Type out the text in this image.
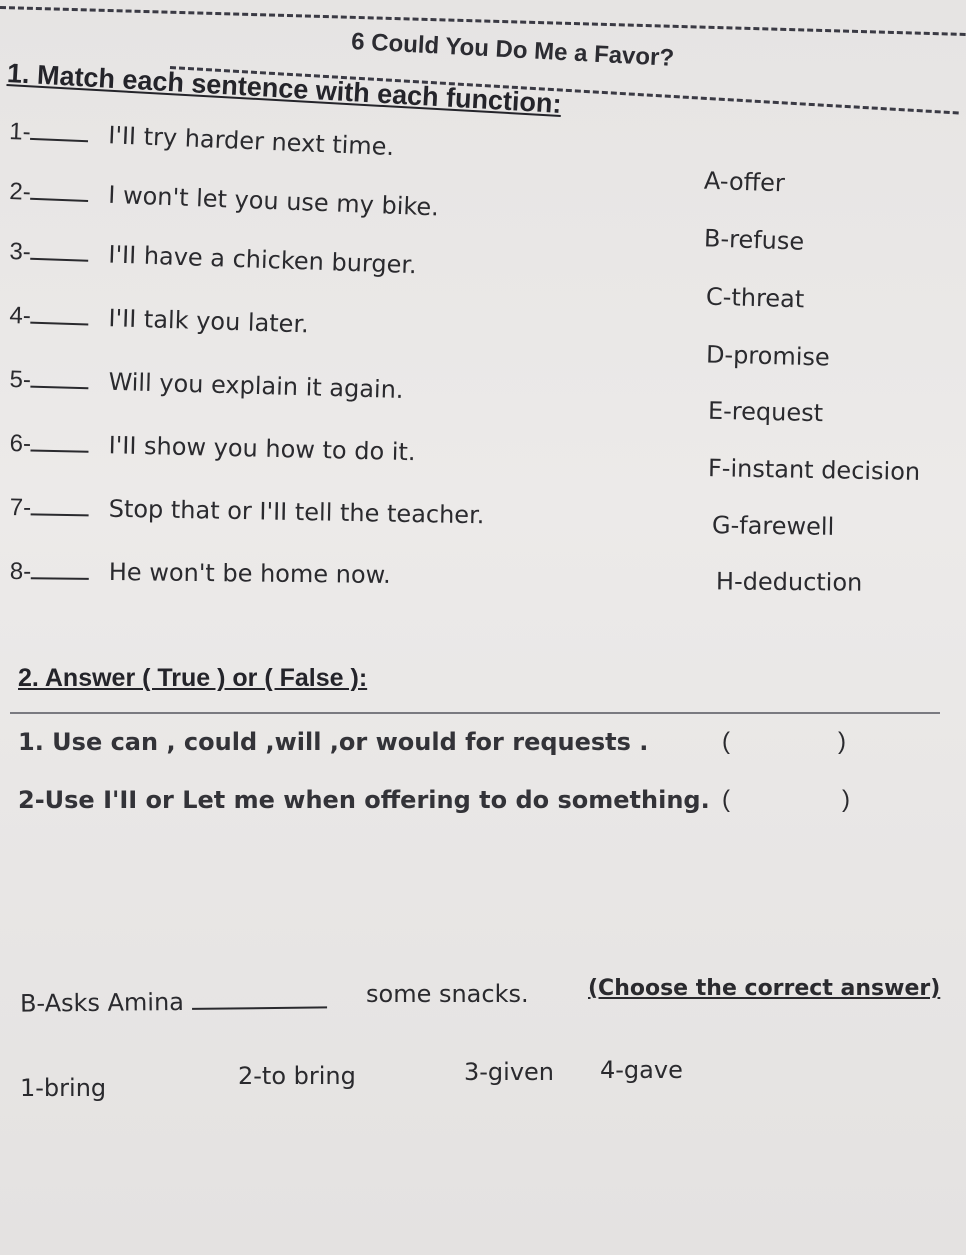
6 Could You Do Me a Favor?
1. Match each sentence with each function:
1-	I'II try harder next time.
2-	I won't let you use my bike.
3-	I'II have a chicken burger.
4-	I'II talk you later.
5-	Will you explain it again.
6-	I'II show you how to do it.
7-	Stop that or I'II tell the teacher.
8-	He won't be home now.
A-offer
B-refuse
C-threat
D-promise
E-request
F-instant decision
G-farewell
H-deduction
2. Answer ( True ) or ( False ):
1. Use can , could ,will ,or would for requests .	(	)
2-Use I'II or Let me when offering to do something. (	)
B-Asks Amina	some snacks.	(Choose the correct answer)
1-bring	2-to bring	3-given 4-gave
